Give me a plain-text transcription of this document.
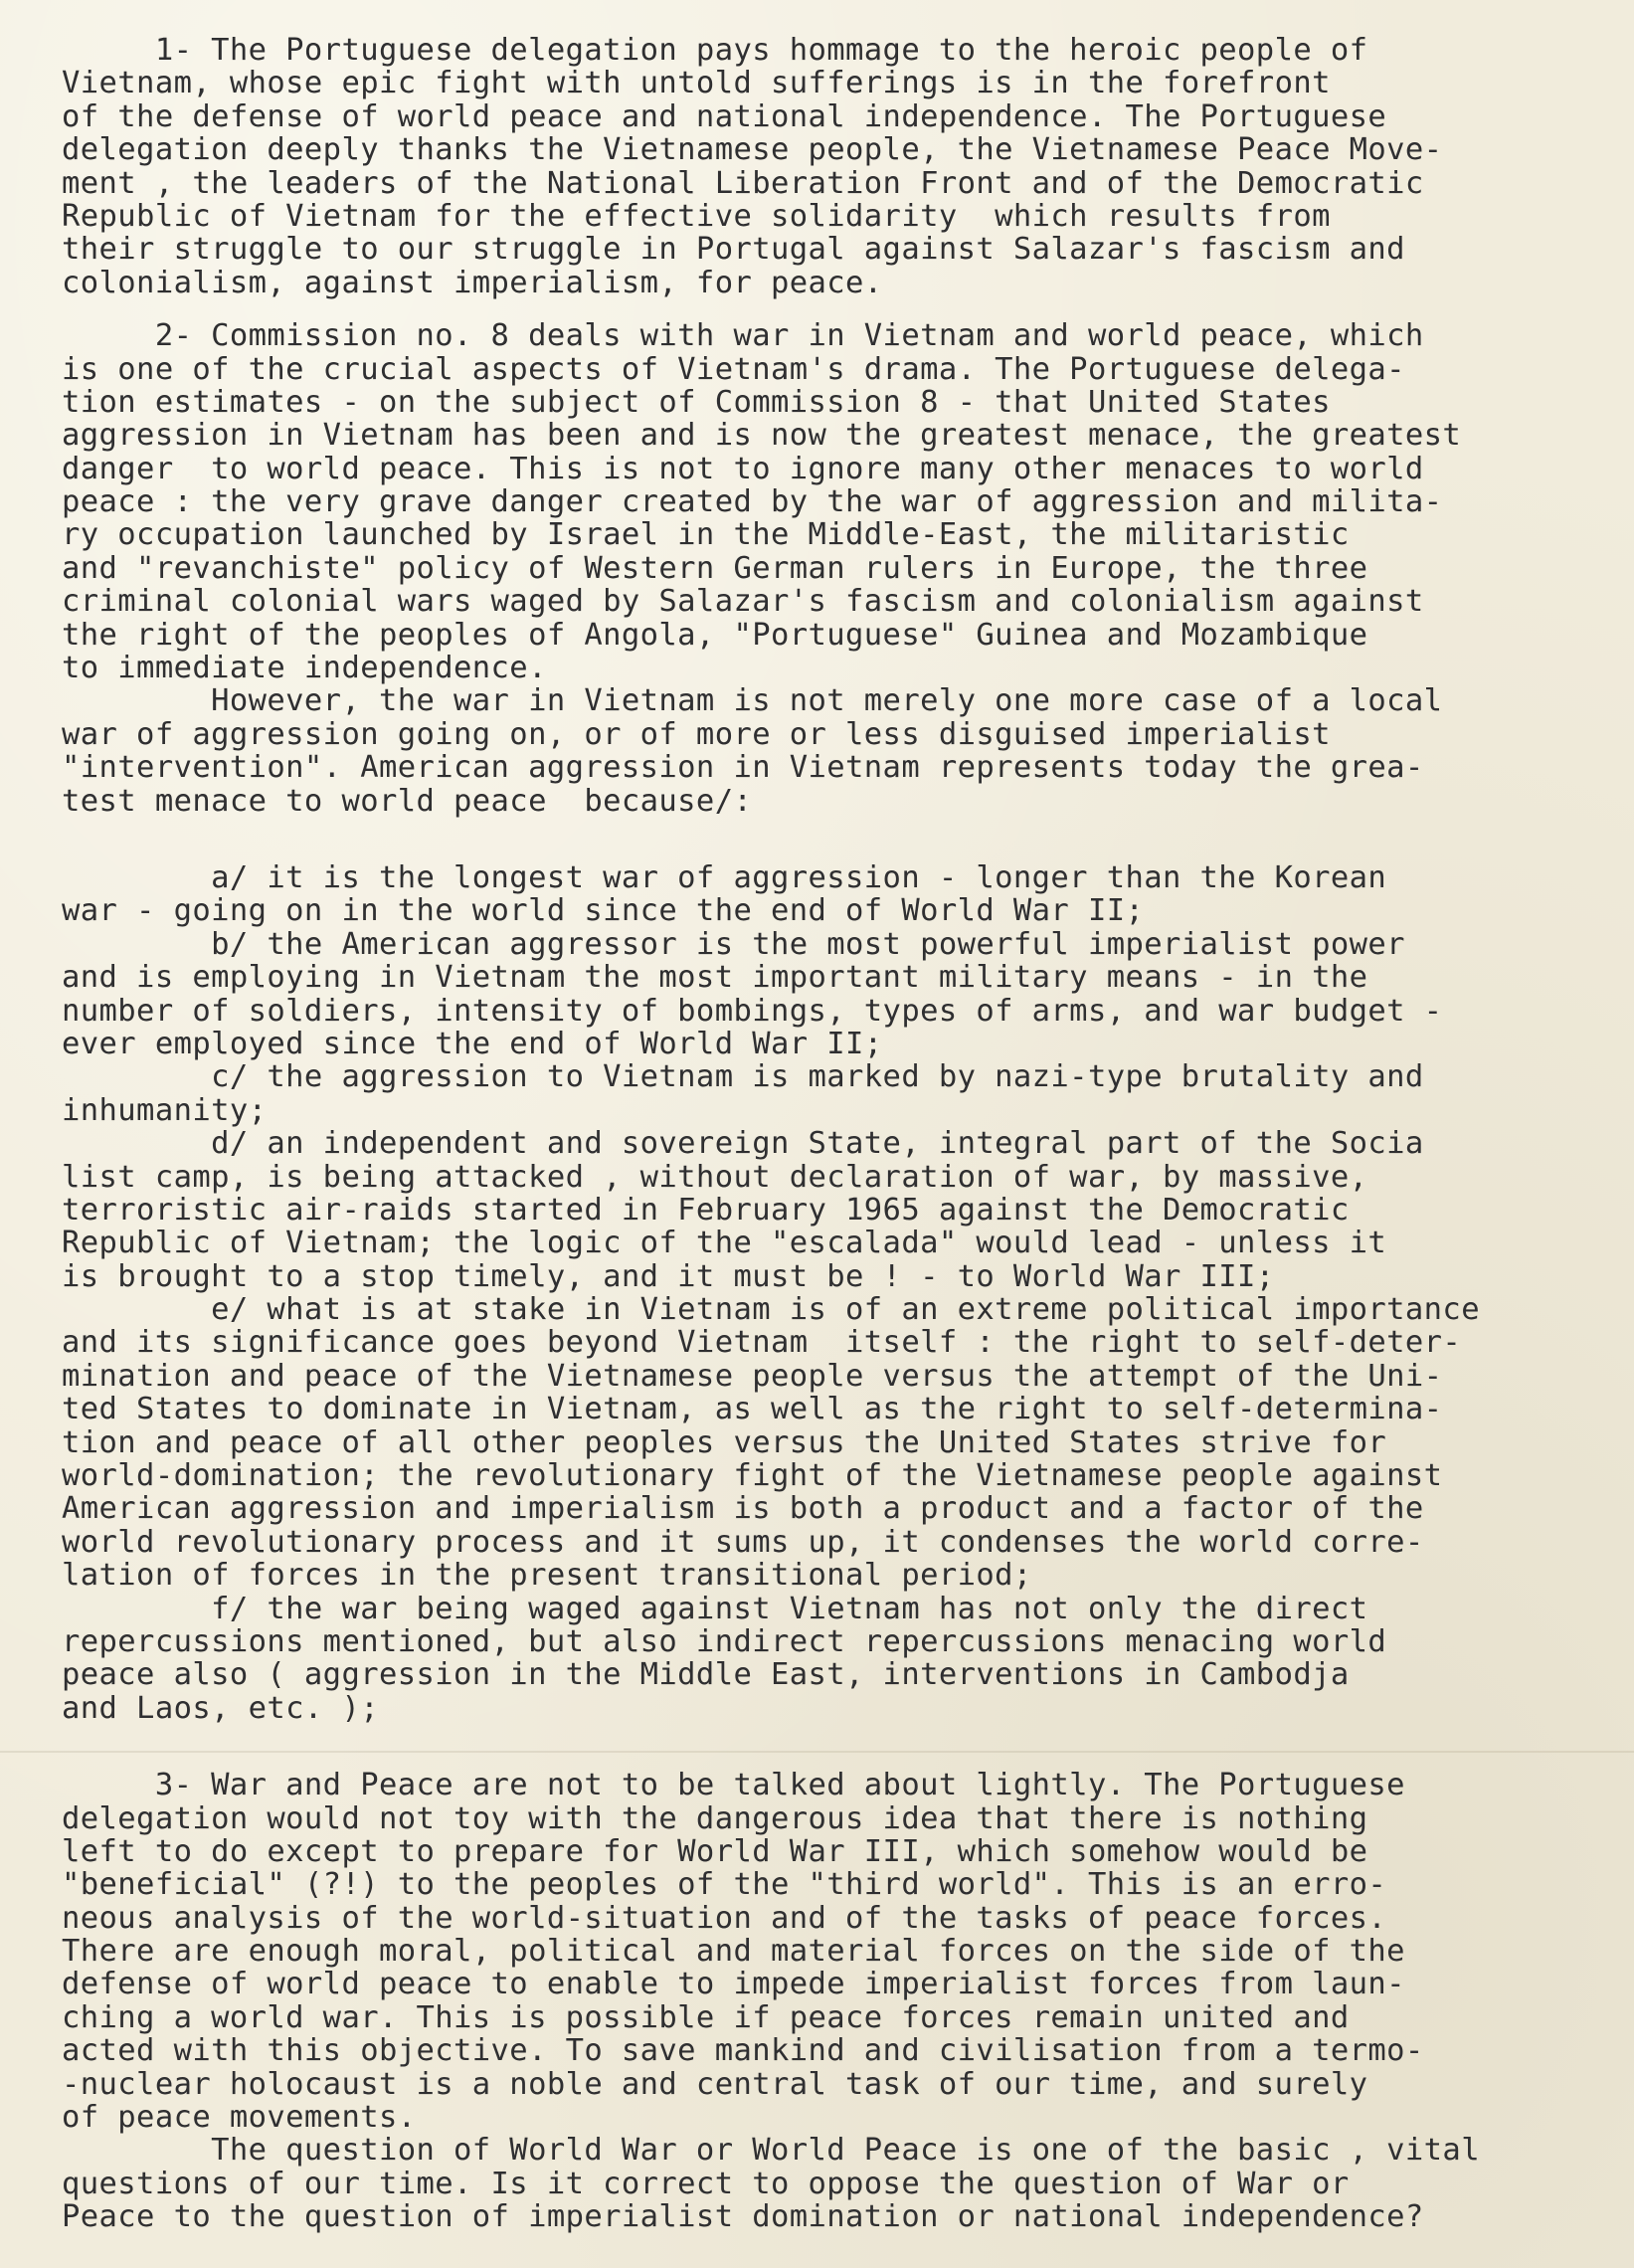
1- The Portuguese delegation pays hommage to the heroic people of
Vietnam, whose epic fight with untold sufferings is in the forefront
of the defense of world peace and national independence. The Portuguese
delegation deeply thanks the Vietnamese people, the Vietnamese Peace Move-
ment , the leaders of the National Liberation Front and of the Democratic
Republic of Vietnam for the effective solidarity  which results from
their struggle to our struggle in Portugal against Salazar's fascism and
colonialism, against imperialism, for peace.
2- Commission no. 8 deals with war in Vietnam and world peace, which
is one of the crucial aspects of Vietnam's drama. The Portuguese delega-
tion estimates - on the subject of Commission 8 - that United States
aggression in Vietnam has been and is now the greatest menace, the greatest
danger  to world peace. This is not to ignore many other menaces to world
peace : the very grave danger created by the war of aggression and milita-
ry occupation launched by Israel in the Middle-East, the militaristic
and "revanchiste" policy of Western German rulers in Europe, the three
criminal colonial wars waged by Salazar's fascism and colonialism against
the right of the peoples of Angola, "Portuguese" Guinea and Mozambique
to immediate independence.
However, the war in Vietnam is not merely one more case of a local
war of aggression going on, or of more or less disguised imperialist
"intervention". American aggression in Vietnam represents today the grea-
test menace to world peace  because/:
a/ it is the longest war of aggression - longer than the Korean
war - going on in the world since the end of World War II;
b/ the American aggressor is the most powerful imperialist power
and is employing in Vietnam the most important military means - in the
number of soldiers, intensity of bombings, types of arms, and war budget -
ever employed since the end of World War II;
c/ the aggression to Vietnam is marked by nazi-type brutality and
inhumanity;
d/ an independent and sovereign State, integral part of the Socia
list camp, is being attacked , without declaration of war, by massive,
terroristic air-raids started in February 1965 against the Democratic
Republic of Vietnam; the logic of the "escalada" would lead - unless it
is brought to a stop timely, and it must be ! - to World War III;
e/ what is at stake in Vietnam is of an extreme political importance
and its significance goes beyond Vietnam  itself : the right to self-deter-
mination and peace of the Vietnamese people versus the attempt of the Uni-
ted States to dominate in Vietnam, as well as the right to self-determina-
tion and peace of all other peoples versus the United States strive for
world-domination; the revolutionary fight of the Vietnamese people against
American aggression and imperialism is both a product and a factor of the
world revolutionary process and it sums up, it condenses the world corre-
lation of forces in the present transitional period;
f/ the war being waged against Vietnam has not only the direct
repercussions mentioned, but also indirect repercussions menacing world
peace also ( aggression in the Middle East, interventions in Cambodja
and Laos, etc. );
3- War and Peace are not to be talked about lightly. The Portuguese
delegation would not toy with the dangerous idea that there is nothing
left to do except to prepare for World War III, which somehow would be
"beneficial" (?!) to the peoples of the "third world". This is an erro-
neous analysis of the world-situation and of the tasks of peace forces.
There are enough moral, political and material forces on the side of the
defense of world peace to enable to impede imperialist forces from laun-
ching a world war. This is possible if peace forces remain united and
acted with this objective. To save mankind and civilisation from a termo-
-nuclear holocaust is a noble and central task of our time, and surely
of peace movements.
The question of World War or World Peace is one of the basic , vital
questions of our time. Is it correct to oppose the question of War or
Peace to the question of imperialist domination or national independence?
